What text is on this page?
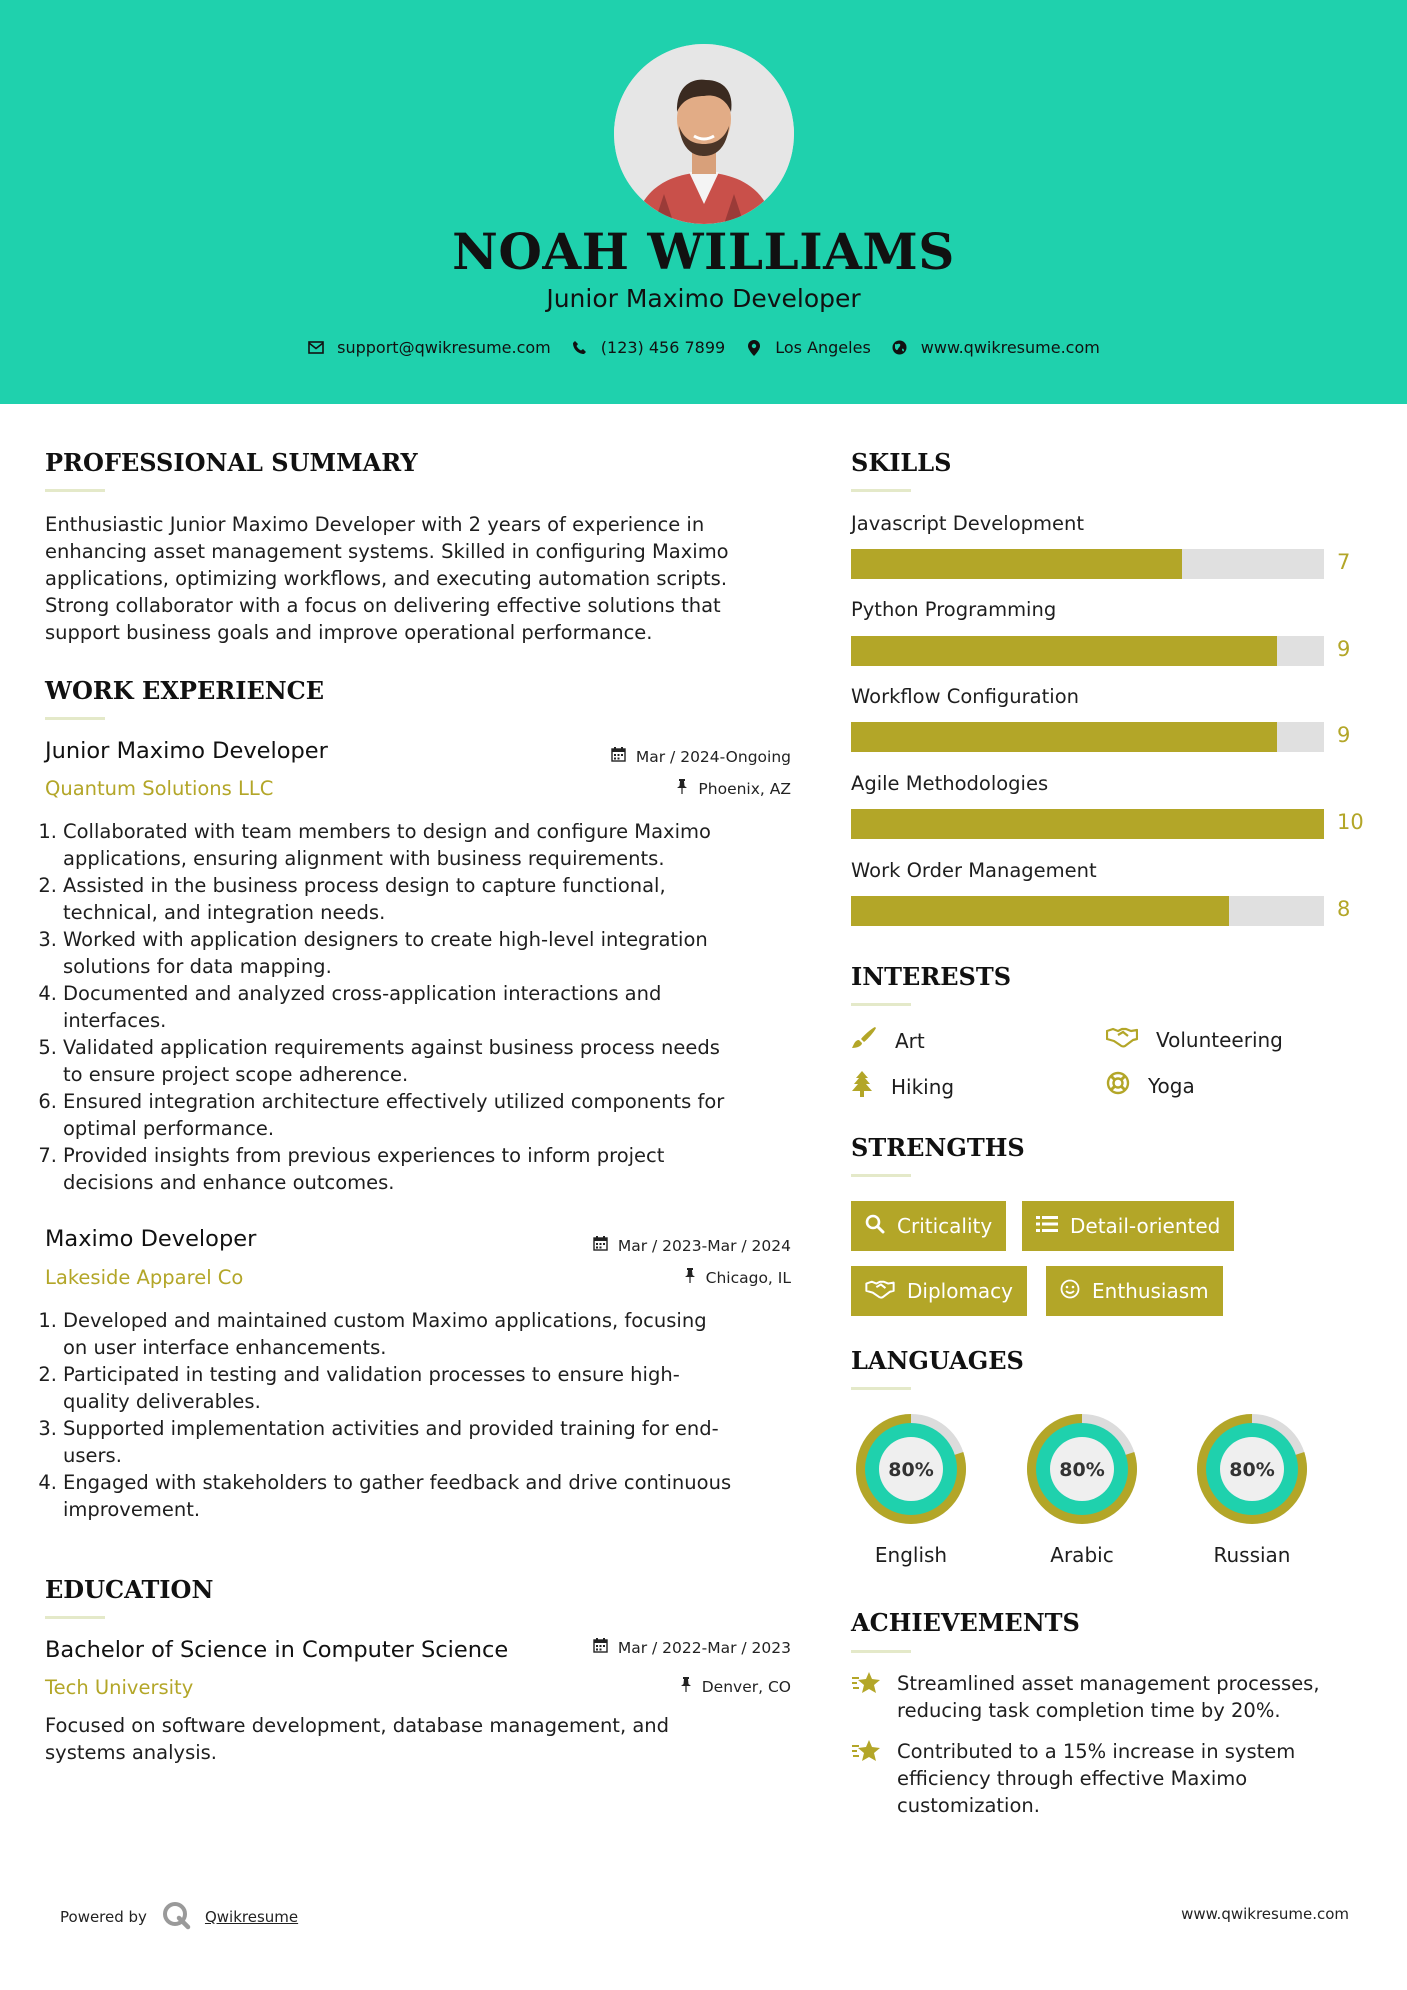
NOAH WILLIAMS
Junior Maximo Developer
support@qwikresume.com	(123) 456 7899	Los Angeles	www.qwikresume.com
PROFESSIONAL SUMMARY
Enthusiastic Junior Maximo Developer with 2 years of experience in
enhancing asset management systems. Skilled in configuring Maximo
applications, optimizing workflows, and executing automation scripts.
Strong collaborator with a focus on delivering effective solutions that
support business goals and improve operational performance.
WORK EXPERIENCE
Junior Maximo Developer	Mar / 2024-Ongoing
Quantum Solutions LLC	Phoenix, AZ
1. Collaborated with team members to design and configure Maximo
applications, ensuring alignment with business requirements.
2. Assisted in the business process design to capture functional,
technical, and integration needs.
3. Worked with application designers to create high-level integration
solutions for data mapping.
4. Documented and analyzed cross-application interactions and
interfaces.
5. Validated application requirements against business process needs
to ensure project scope adherence.
6. Ensured integration architecture effectively utilized components for
optimal performance.
7. Provided insights from previous experiences to inform project
decisions and enhance outcomes.
Maximo Developer	Mar / 2023-Mar / 2024
Lakeside Apparel Co	Chicago, IL
1. Developed and maintained custom Maximo applications, focusing
on user interface enhancements.
2. Participated in testing and validation processes to ensure high-
quality deliverables.
3. Supported implementation activities and provided training for end-
users.
4. Engaged with stakeholders to gather feedback and drive continuous
improvement.
EDUCATION
Bachelor of Science in Computer Science	Mar / 2022-Mar / 2023
Tech University	Denver, CO
Focused on software development, database management, and
systems analysis.
SKILLS
Javascript Development
7
Python Programming
9
Workflow Configuration
9
Agile Methodologies
10
Work Order Management
8
INTERESTS
Art	Volunteering
Hiking	Yoga
STRENGTHS
Criticality	Detail-oriented
Diplomacy	Enthusiasm
LANGUAGES
80%
English
80%
Arabic
80%
Russian
ACHIEVEMENTS
Streamlined asset management processes,
reducing task completion time by 20%.
Contributed to a 15% increase in system
efficiency through effective Maximo
customization.
Powered by	Qwikresume	www.qwikresume.com
